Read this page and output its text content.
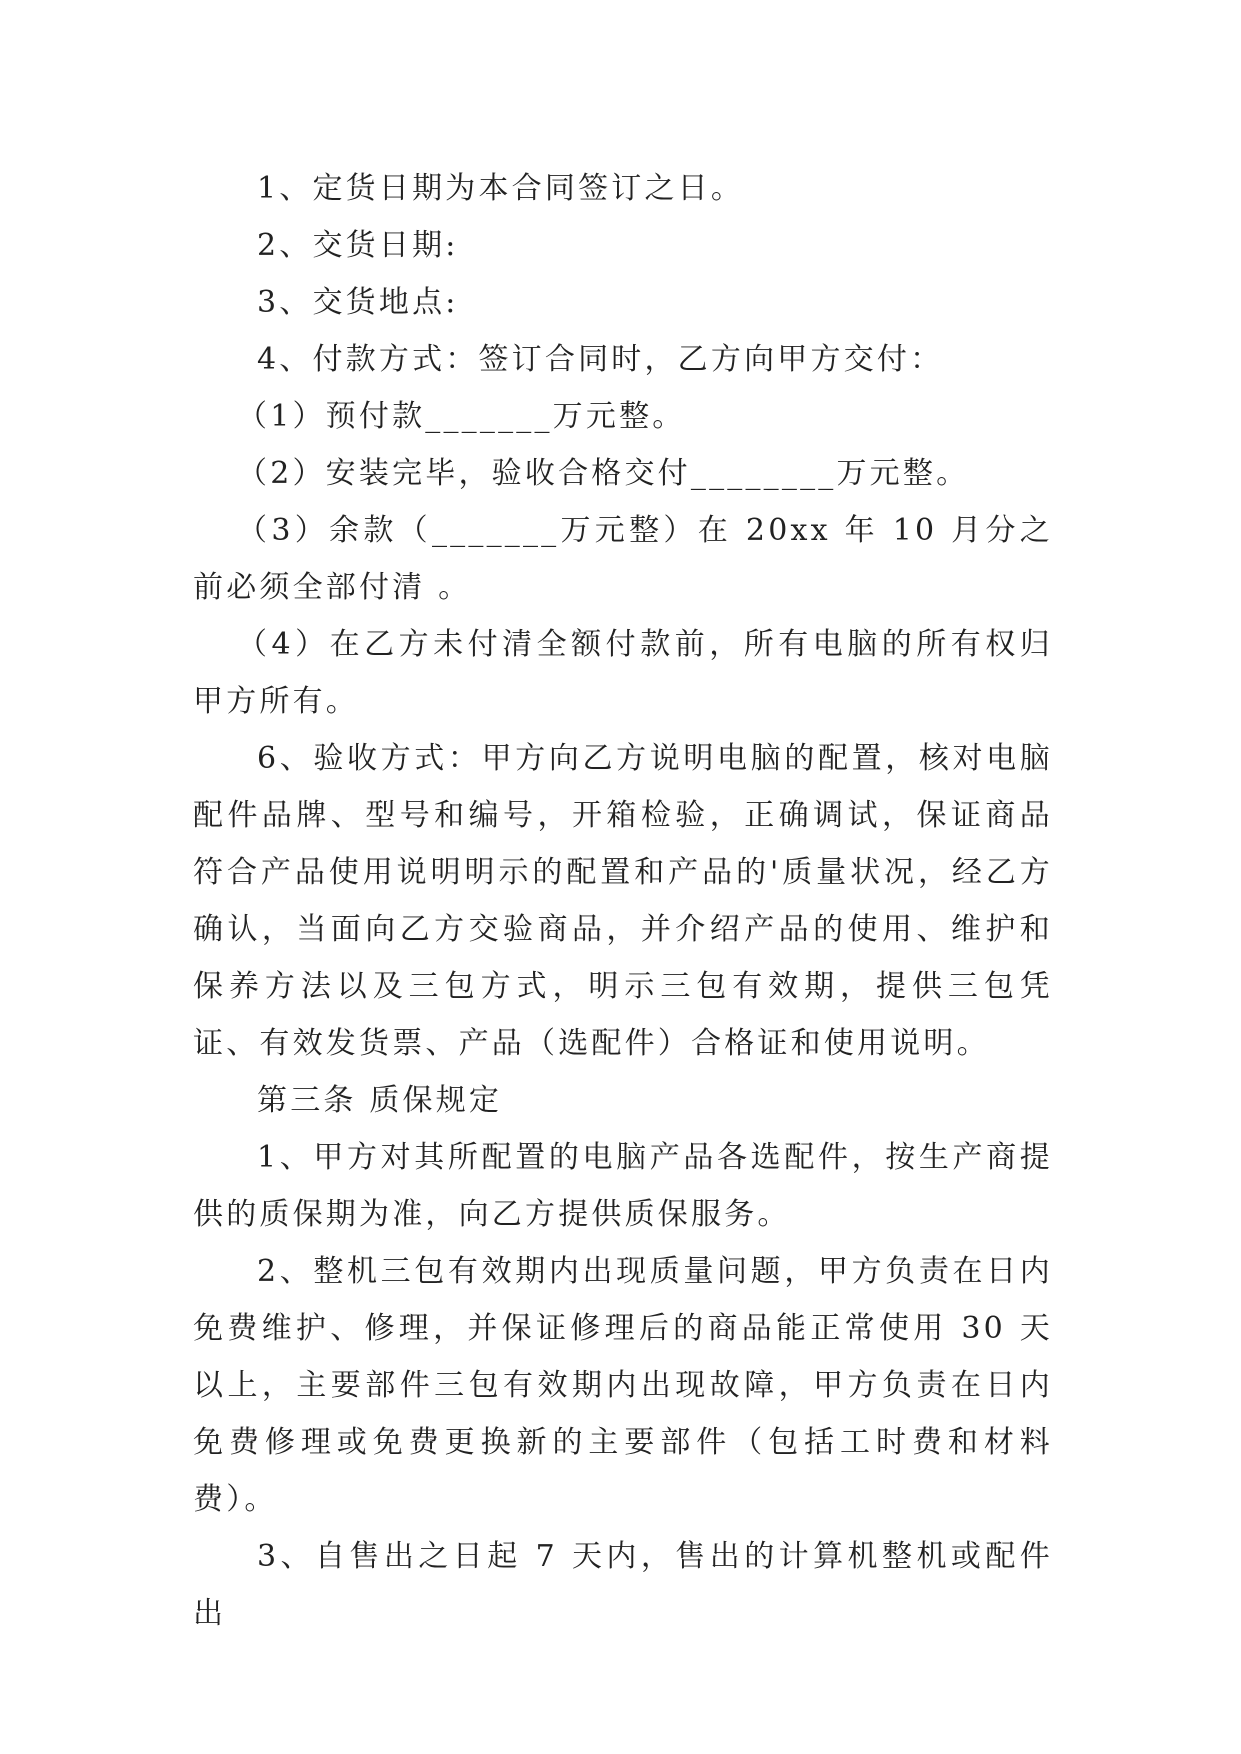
1、定货日期为本合同签订之日。

2、交货日期:

3、交货地点:

4、付款方式：签订合同时，乙方向甲方交付：

（1）预付款_______万元整。

（2）安装完毕，验收合格交付________万元整。

（3）余款（_______万元整）在 20xx 年 10 月分之前必须全部付清 。

（4）在乙方未付清全额付款前，所有电脑的所有权归甲方所有。

6、验收方式：甲方向乙方说明电脑的配置，核对电脑配件品牌、型号和编号，开箱检验，正确调试，保证商品符合产品使用说明明示的配置和产品的'质量状况，经乙方确认，当面向乙方交验商品，并介绍产品的使用、维护和保养方法以及三包方式，明示三包有效期，提供三包凭证、有效发货票、产品（选配件）合格证和使用说明。

第三条 质保规定

1、甲方对其所配置的电脑产品各选配件，按生产商提供的质保期为准，向乙方提供质保服务。

2、整机三包有效期内出现质量问题，甲方负责在日内免费维护、修理，并保证修理后的商品能正常使用 30 天以上，主要部件三包有效期内出现故障，甲方负责在日内免费修理或免费更换新的主要部件（包括工时费和材料费）。

3、自售出之日起 7 天内，售出的计算机整机或配件出
